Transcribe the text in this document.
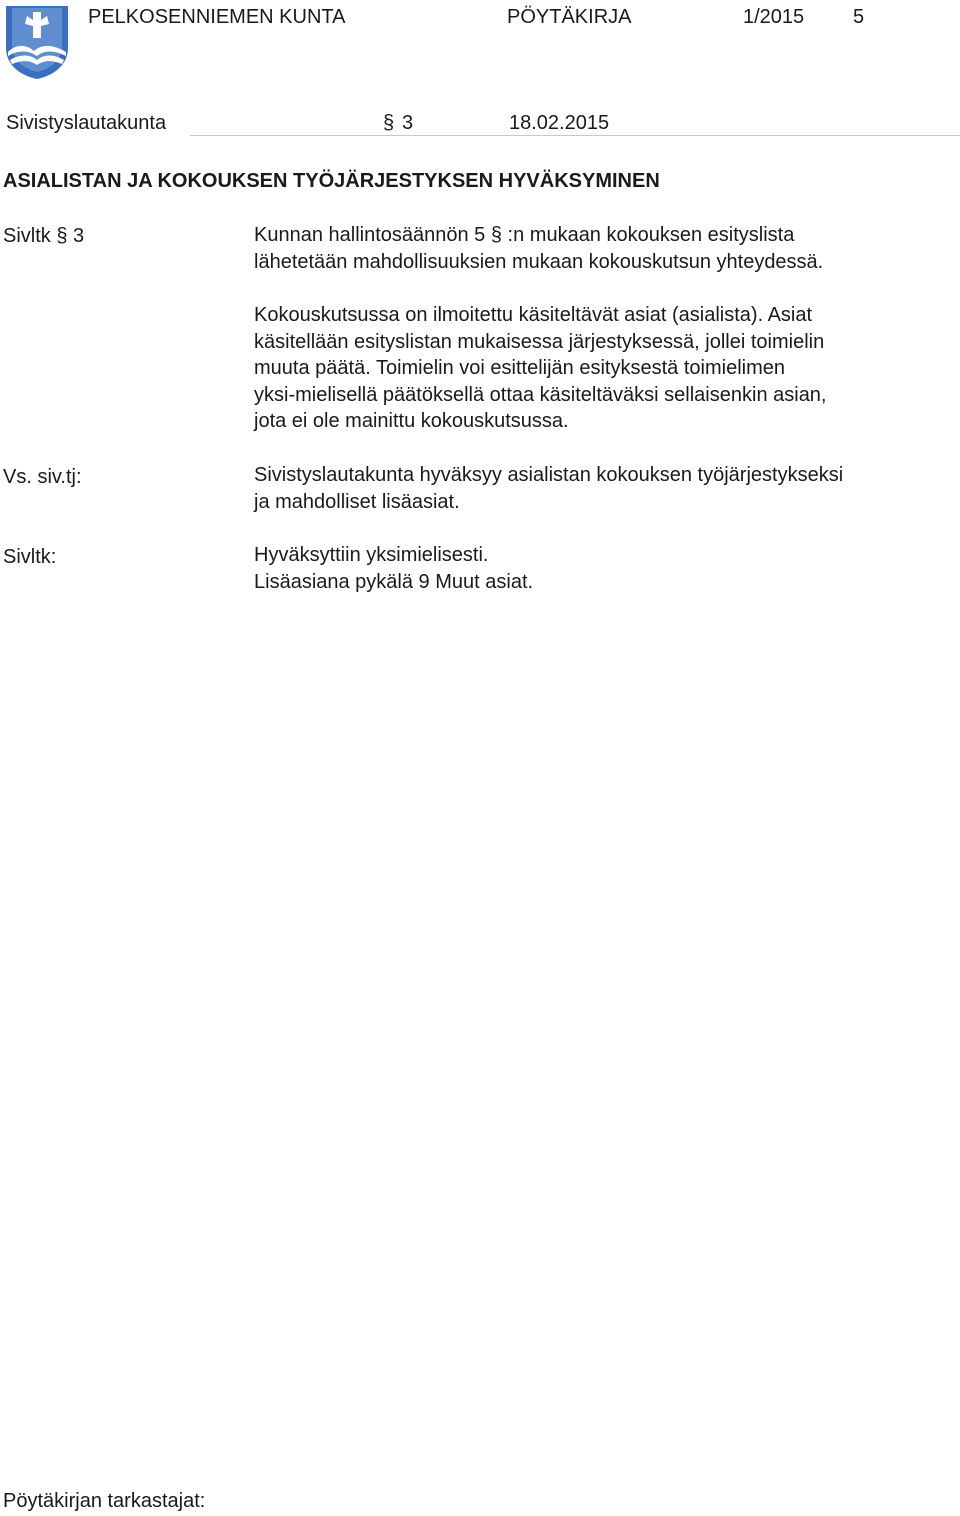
PELKOSENNIEMEN KUNTA	PÖYTÄKIRJA	1/2015 5
Sivistyslautakunta	§ 3	18.02.2015
ASIALISTAN JA KOKOUKSEN TYÖJÄRJESTYKSEN HYVÄKSYMINEN
Sivltk § 3	Kunnan hallintosäännön 5 § :n mukaan kokouksen esityslista
lähetetään mahdollisuuksien mukaan kokouskutsun yhteydessä.
Kokouskutsussa on ilmoitettu käsiteltävät asiat (asialista). Asiat
käsitellään esityslistan mukaisessa järjestyksessä, jollei toimielin
muuta päätä. Toimielin voi esittelijän esityksestä toimielimen
yksi-mielisellä päätöksellä ottaa käsiteltäväksi sellaisenkin asian,
jota ei ole mainittu kokouskutsussa.
Vs. siv.tj:	Sivistyslautakunta hyväksyy asialistan kokouksen työjärjestykseksi
ja mahdolliset lisäasiat.
Sivltk:	Hyväksyttiin yksimielisesti.
Lisäasiana pykälä 9 Muut asiat.
Pöytäkirjan tarkastajat:
